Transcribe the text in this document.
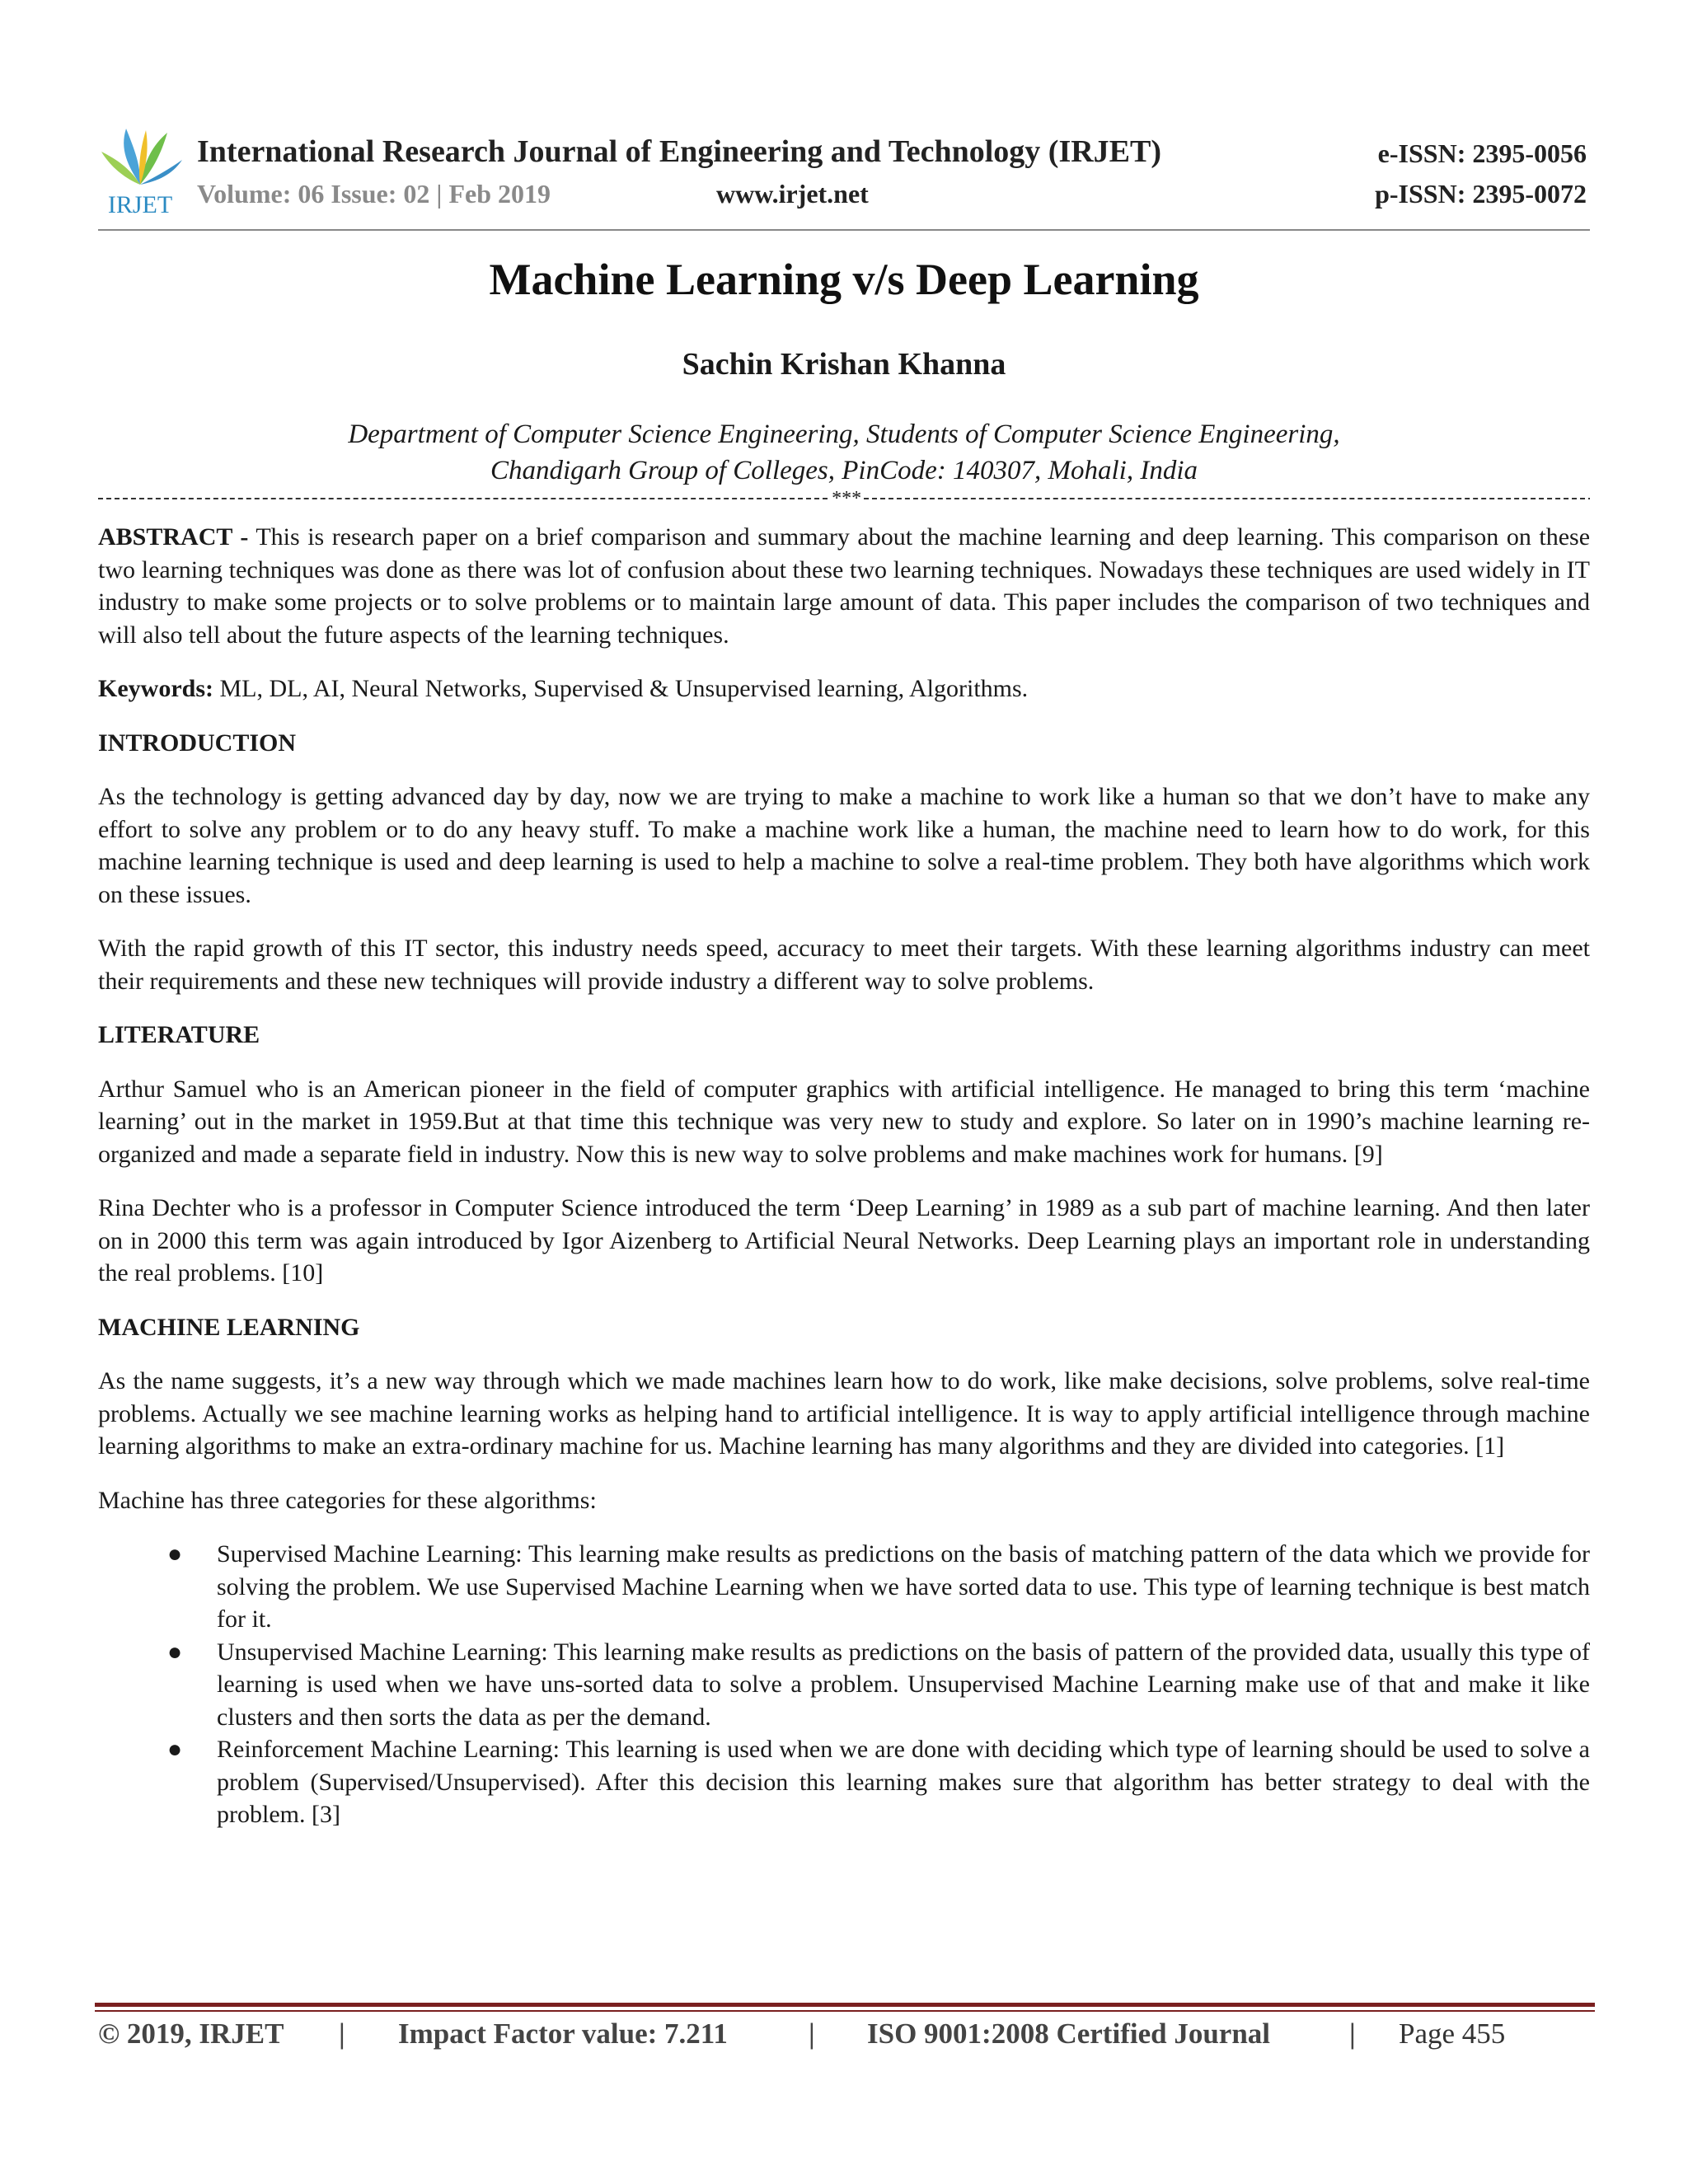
IRJET
International Research Journal of Engineering and Technology (IRJET)
Volume: 06 Issue: 02 | Feb 2019	www.irjet.net
e-ISSN: 2395-0056
p-ISSN: 2395-0072
Machine Learning v/s Deep Learning
Sachin Krishan Khanna
Department of Computer Science Engineering, Students of Computer Science Engineering,
Chandigarh Group of Colleges, PinCode: 140307, Mohali, India
***

ABSTRACT - This is research paper on a brief comparison and summary about the machine learning and deep learning. This comparison on these two learning techniques was done as there was lot of confusion about these two learning techniques. Nowadays these techniques are used widely in IT industry to make some projects or to solve problems or to maintain large amount of data. This paper includes the comparison of two techniques and will also tell about the future aspects of the learning techniques.

Keywords: ML, DL, AI, Neural Networks, Supervised & Unsupervised learning, Algorithms.

INTRODUCTION

As the technology is getting advanced day by day, now we are trying to make a machine to work like a human so that we don’t have to make any effort to solve any problem or to do any heavy stuff. To make a machine work like a human, the machine need to learn how to do work, for this machine learning technique is used and deep learning is used to help a machine to solve a real-time problem. They both have algorithms which work on these issues.

With the rapid growth of this IT sector, this industry needs speed, accuracy to meet their targets. With these learning algorithms industry can meet their requirements and these new techniques will provide industry a different way to solve problems.

LITERATURE

Arthur Samuel who is an American pioneer in the field of computer graphics with artificial intelligence. He managed to bring this term ‘machine learning’ out in the market in 1959.But at that time this technique was very new to study and explore. So later on in 1990’s machine learning re-organized and made a separate field in industry. Now this is new way to solve problems and make machines work for humans. [9]

Rina Dechter who is a professor in Computer Science introduced the term ‘Deep Learning’ in 1989 as a sub part of machine learning. And then later on in 2000 this term was again introduced by Igor Aizenberg to Artificial Neural Networks. Deep Learning plays an important role in understanding the real problems. [10]

MACHINE LEARNING

As the name suggests, it’s a new way through which we made machines learn how to do work, like make decisions, solve problems, solve real-time problems. Actually we see machine learning works as helping hand to artificial intelligence. It is way to apply artificial intelligence through machine learning algorithms to make an extra-ordinary machine for us. Machine learning has many algorithms and they are divided into categories. [1]

Machine has three categories for these algorithms:

● Supervised Machine Learning: This learning make results as predictions on the basis of matching pattern of the data which we provide for solving the problem. We use Supervised Machine Learning when we have sorted data to use. This type of learning technique is best match for it.
● Unsupervised Machine Learning: This learning make results as predictions on the basis of pattern of the provided data, usually this type of learning is used when we have uns-sorted data to solve a problem. Unsupervised Machine Learning make use of that and make it like clusters and then sorts the data as per the demand.
● Reinforcement Machine Learning: This learning is used when we are done with deciding which type of learning should be used to solve a problem (Supervised/Unsupervised). After this decision this learning makes sure that algorithm has better strategy to deal with the problem. [3]
© 2019, IRJET | Impact Factor value: 7.211	| ISO 9001:2008 Certified Journal	| Page 455
